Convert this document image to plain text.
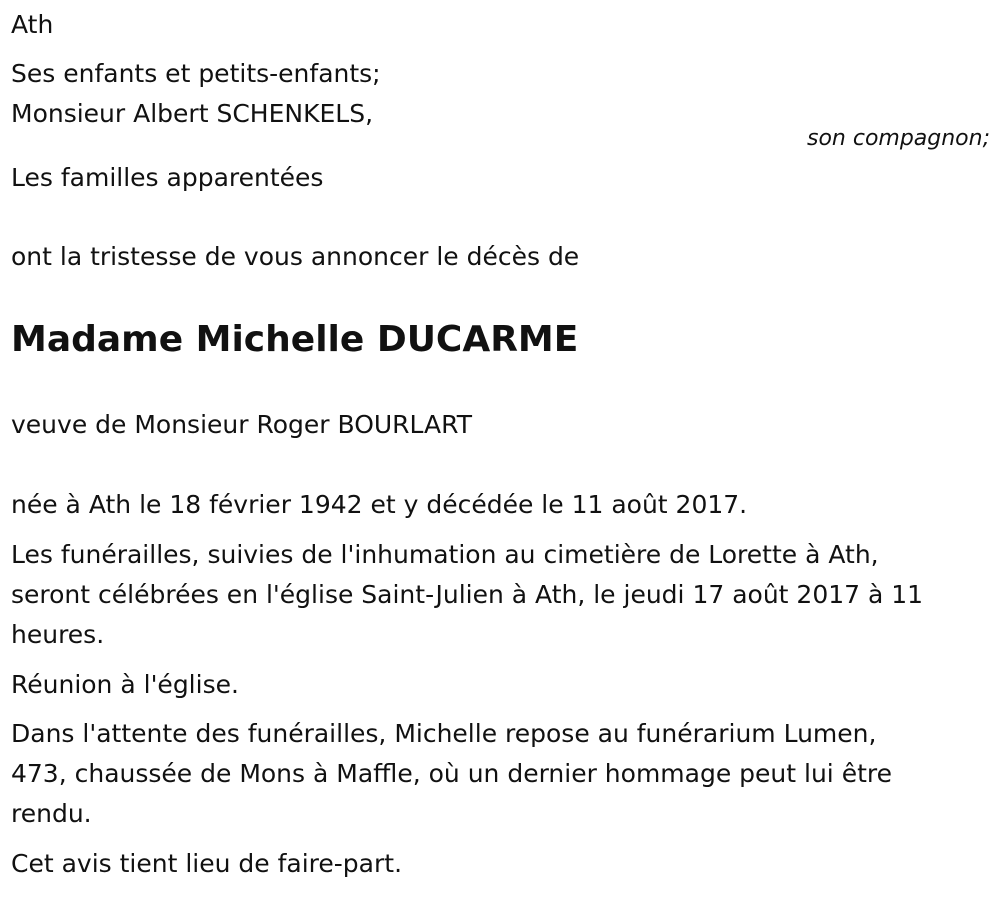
Ath
Ses enfants et petits-enfants;
Monsieur Albert SCHENKELS,
son compagnon;
Les familles apparentées
ont la tristesse de vous annoncer le décès de
Madame Michelle DUCARME
veuve de Monsieur Roger BOURLART
née à Ath le 18 février 1942 et y décédée le 11 août 2017.
Les funérailles, suivies de l'inhumation au cimetière de Lorette à Ath,
seront célébrées en l'église Saint-Julien à Ath, le jeudi 17 août 2017 à 11
heures.
Réunion à l'église.
Dans l'attente des funérailles, Michelle repose au funérarium Lumen,
473, chaussée de Mons à Maffle, où un dernier hommage peut lui être
rendu.
Cet avis tient lieu de faire-part.
